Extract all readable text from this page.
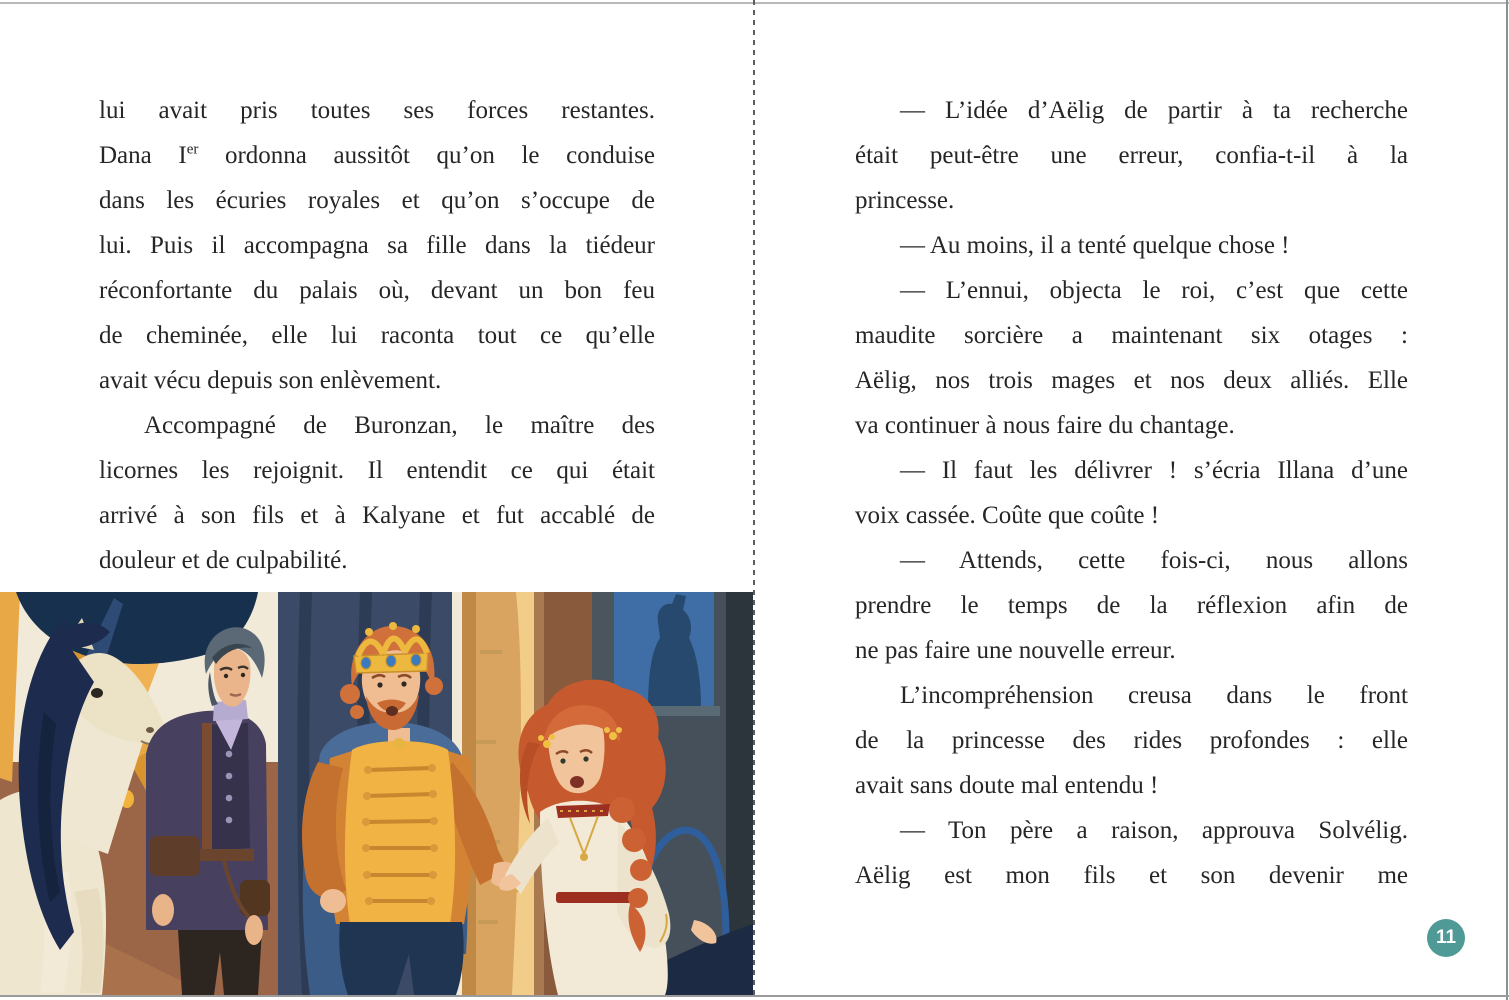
lui avait pris toutes ses forces restantes.
Dana Ier ordonna aussitôt qu’on le conduise
dans les écuries royales et qu’on s’occupe de
lui. Puis il accompagna sa fille dans la tiédeur
réconfortante du palais où, devant un bon feu
de cheminée, elle lui raconta tout ce qu’elle
avait vécu depuis son enlèvement.
Accompagné de Buronzan, le maître des
licornes les rejoignit. Il entendit ce qui était
arrivé à son fils et à Kalyane et fut accablé de
douleur et de culpabilité.
— L’idée d’Aëlig de partir à ta recherche
était peut-être une erreur, confia-t-il à la
princesse.
— Au moins, il a tenté quelque chose !
— L’ennui, objecta le roi, c’est que cette
maudite sorcière a maintenant six otages :
Aëlig, nos trois mages et nos deux alliés. Elle
va continuer à nous faire du chantage.
— Il faut les délivrer ! s’écria Illana d’une
voix cassée. Coûte que coûte !
— Attends, cette fois-ci, nous allons
prendre le temps de la réflexion afin de
ne pas faire une nouvelle erreur.
L’incompréhension creusa dans le front
de la princesse des rides profondes : elle
avait sans doute mal entendu !
— Ton père a raison, approuva Solvélig.
Aëlig est mon fils et son devenir me
11
